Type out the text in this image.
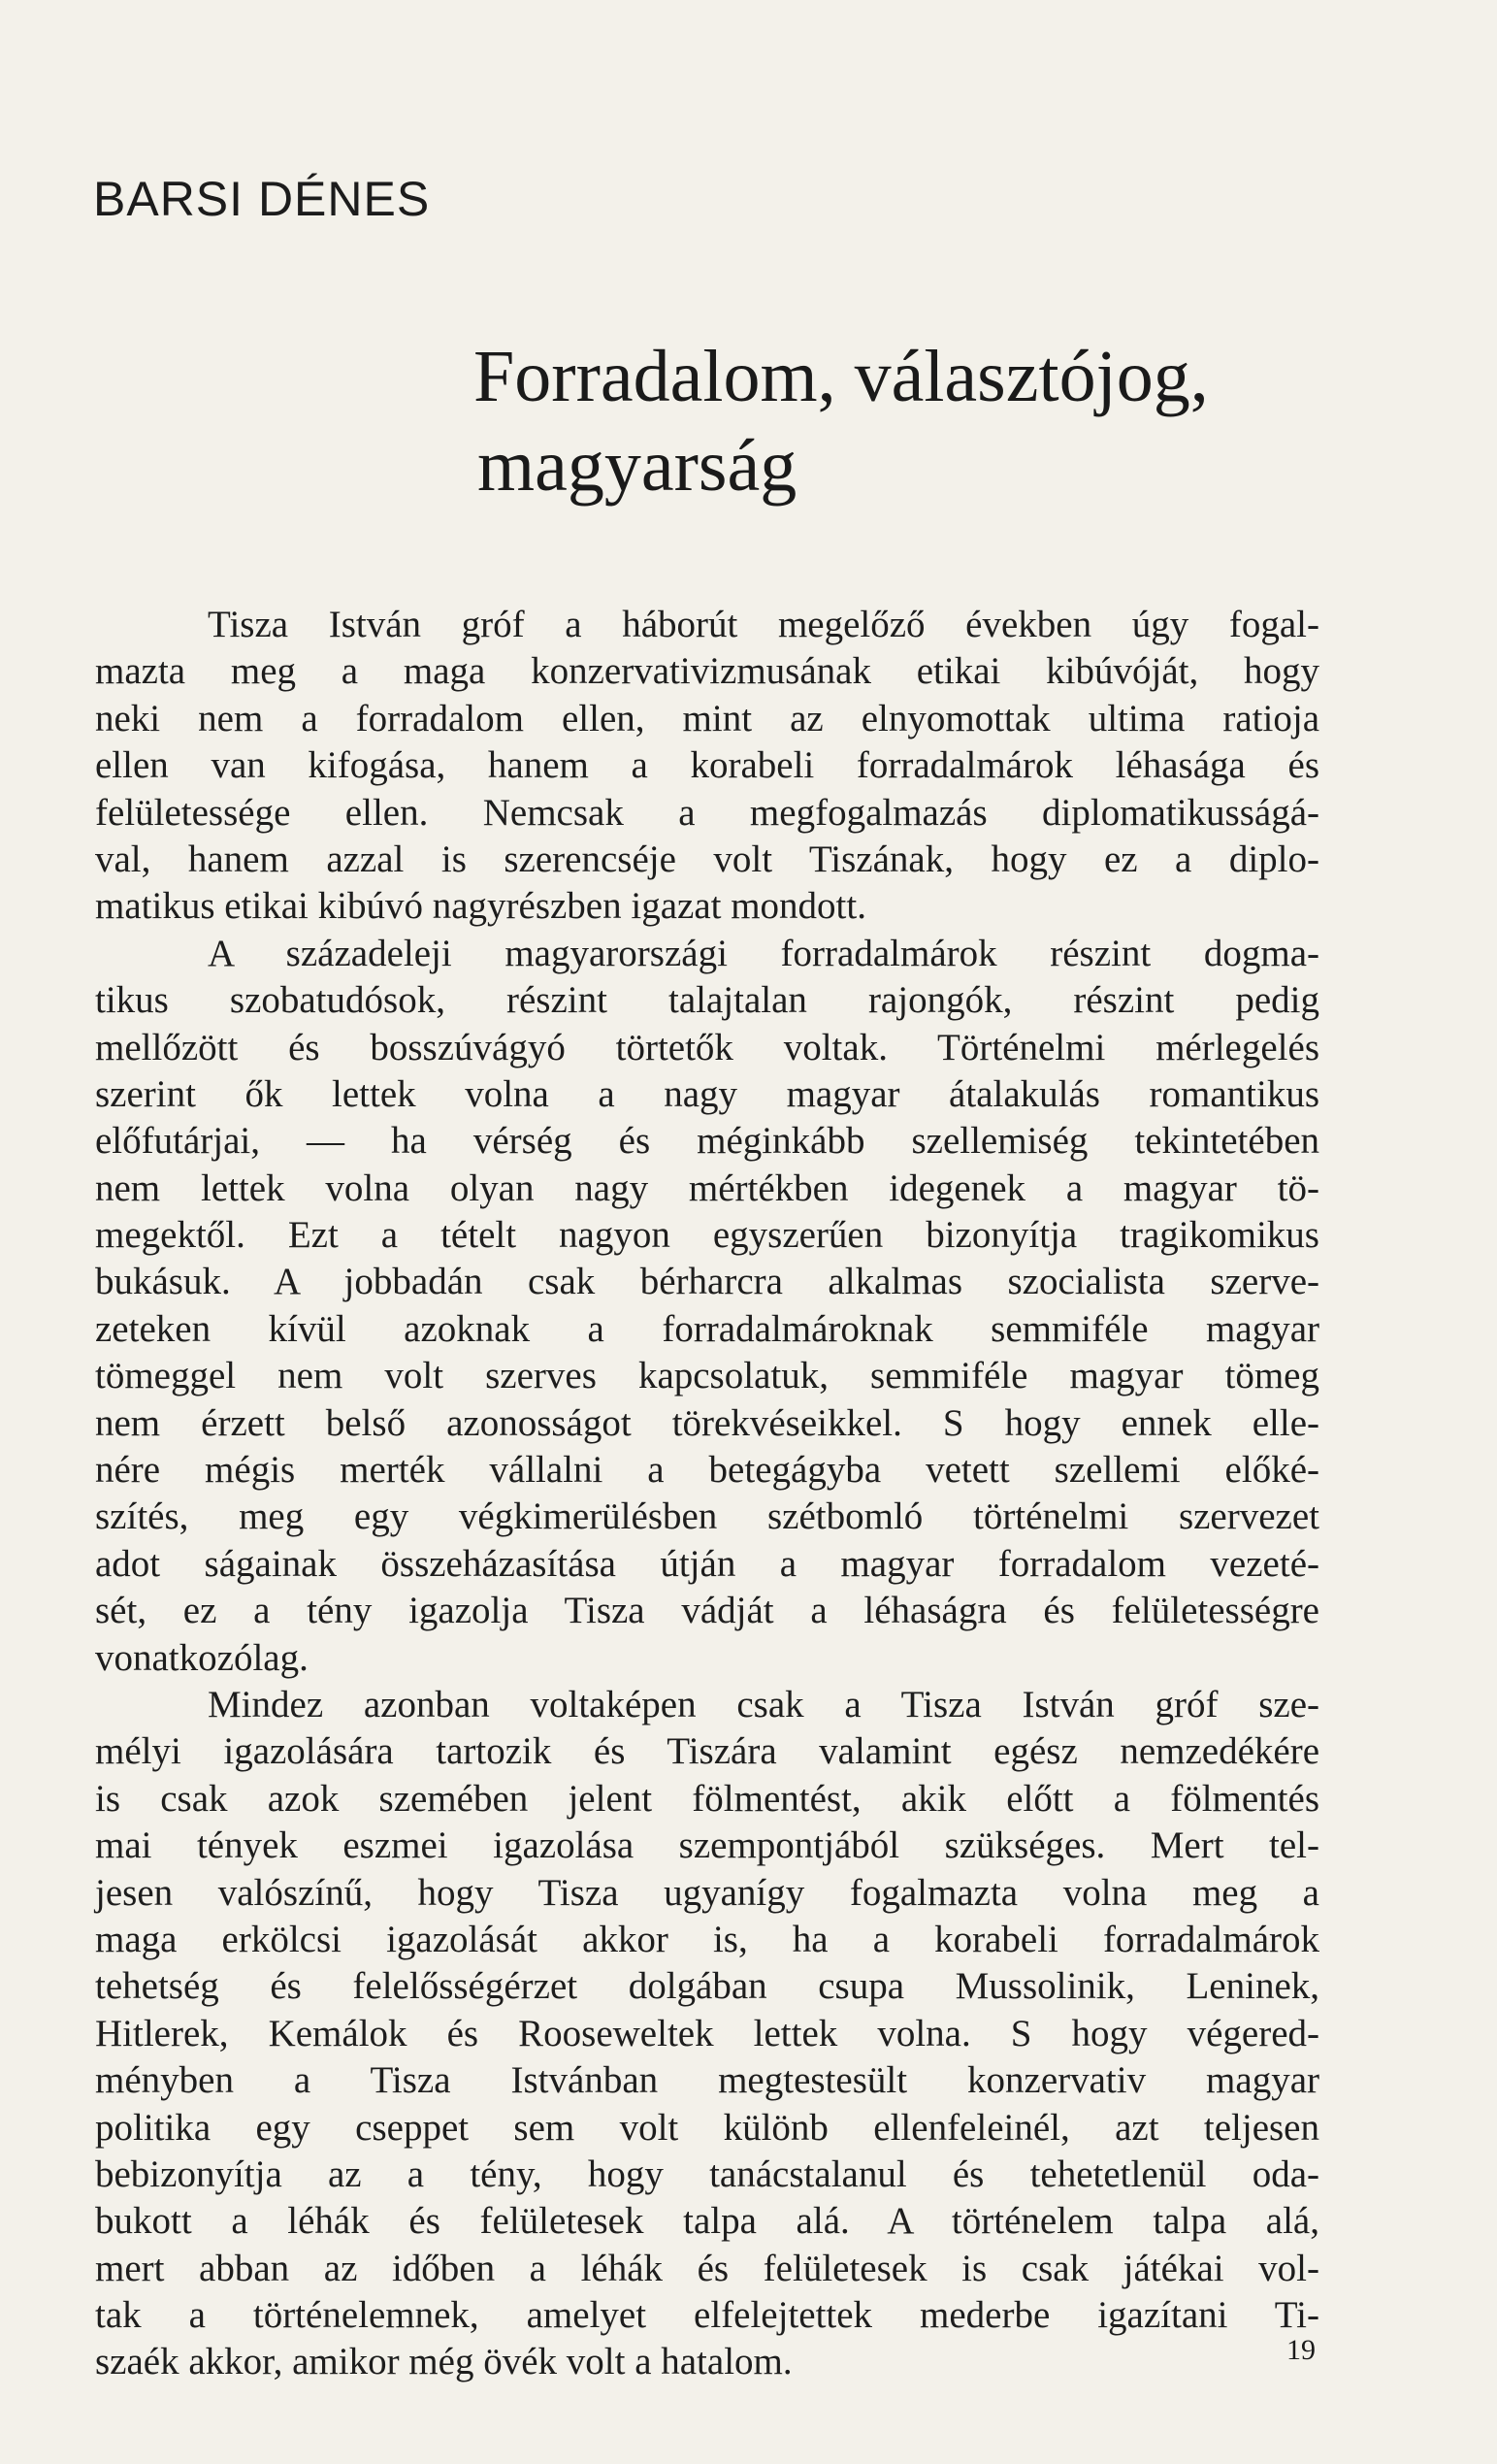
BARSI DÉNES
Forradalom, választójog,
magyarság
Tisza István gróf a háborút megelőző években úgy fogal-
mazta meg a maga konzervativizmusának etikai kibúvóját, hogy
neki nem a forradalom ellen, mint az elnyomottak ultima ratioja
ellen van kifogása, hanem a korabeli forradalmárok léhasága és
felületessége ellen. Nemcsak a megfogalmazás diplomatikusságá-
val, hanem azzal is szerencséje volt Tiszának, hogy ez a diplo-
matikus etikai kibúvó nagyrészben igazat mondott.
A századeleji magyarországi forradalmárok részint dogma-
tikus szobatudósok, részint talajtalan rajongók, részint pedig
mellőzött és bosszúvágyó törtetők voltak. Történelmi mérlegelés
szerint ők lettek volna a nagy magyar átalakulás romantikus
előfutárjai, — ha vérség és méginkább szellemiség tekintetében
nem lettek volna olyan nagy mértékben idegenek a magyar tö-
megektől. Ezt a tételt nagyon egyszerűen bizonyítja tragikomikus
bukásuk. A jobbadán csak bérharcra alkalmas szocialista szerve-
zeteken kívül azoknak a forradalmároknak semmiféle magyar
tömeggel nem volt szerves kapcsolatuk, semmiféle magyar tömeg
nem érzett belső azonosságot törekvéseikkel. S hogy ennek elle-
nére mégis merték vállalni a betegágyba vetett szellemi előké-
szítés, meg egy végkimerülésben szétbomló történelmi szervezet
adot ságainak összeházasítása útján a magyar forradalom vezeté-
sét, ez a tény igazolja Tisza vádját a léhaságra és felületességre
vonatkozólag.
Mindez azonban voltaképen csak a Tisza István gróf sze-
mélyi igazolására tartozik és Tiszára valamint egész nemzedékére
is csak azok szemében jelent fölmentést, akik előtt a fölmentés
mai tények eszmei igazolása szempontjából szükséges. Mert tel-
jesen valószínű, hogy Tisza ugyanígy fogalmazta volna meg a
maga erkölcsi igazolását akkor is, ha a korabeli forradalmárok
tehetség és felelősségérzet dolgában csupa Mussolinik, Leninek,
Hitlerek, Kemálok és Rooseweltek lettek volna. S hogy végered-
ményben a Tisza Istvánban megtestesült konzervativ magyar
politika egy cseppet sem volt különb ellenfeleinél, azt teljesen
bebizonyítja az a tény, hogy tanácstalanul és tehetetlenül oda-
bukott a léhák és felületesek talpa alá. A történelem talpa alá,
mert abban az időben a léhák és felületesek is csak játékai vol-
tak a történelemnek, amelyet elfelejtettek mederbe igazítani Ti-
szaék akkor, amikor még övék volt a hatalom.	19
